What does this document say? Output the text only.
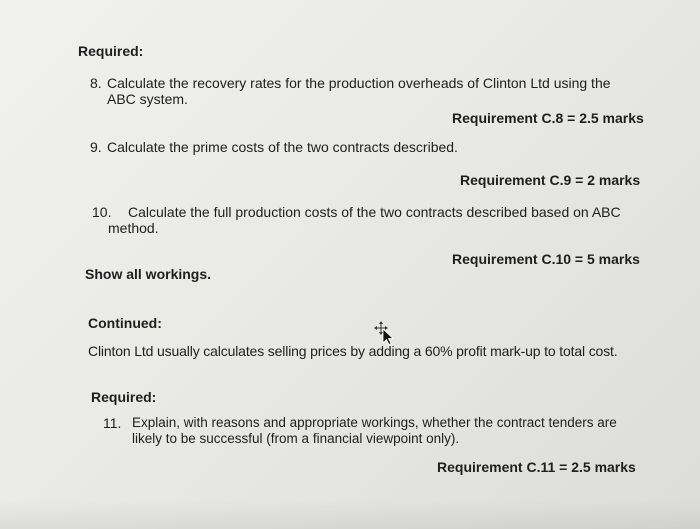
Required:
8. Calculate the recovery rates for the production overheads of Clinton Ltd using the
ABC system.
Requirement C.8 = 2.5 marks
9. Calculate the prime costs of the two contracts described.
Requirement C.9 = 2 marks
10. Calculate the full production costs of the two contracts described based on ABC
method.
Requirement C.10 = 5 marks
Show all workings.
Continued:
Clinton Ltd usually calculates selling prices by adding a 60% profit mark-up to total cost.
Required:
11. Explain, with reasons and appropriate workings, whether the contract tenders are
likely to be successful (from a financial viewpoint only).
Requirement C.11 = 2.5 marks
